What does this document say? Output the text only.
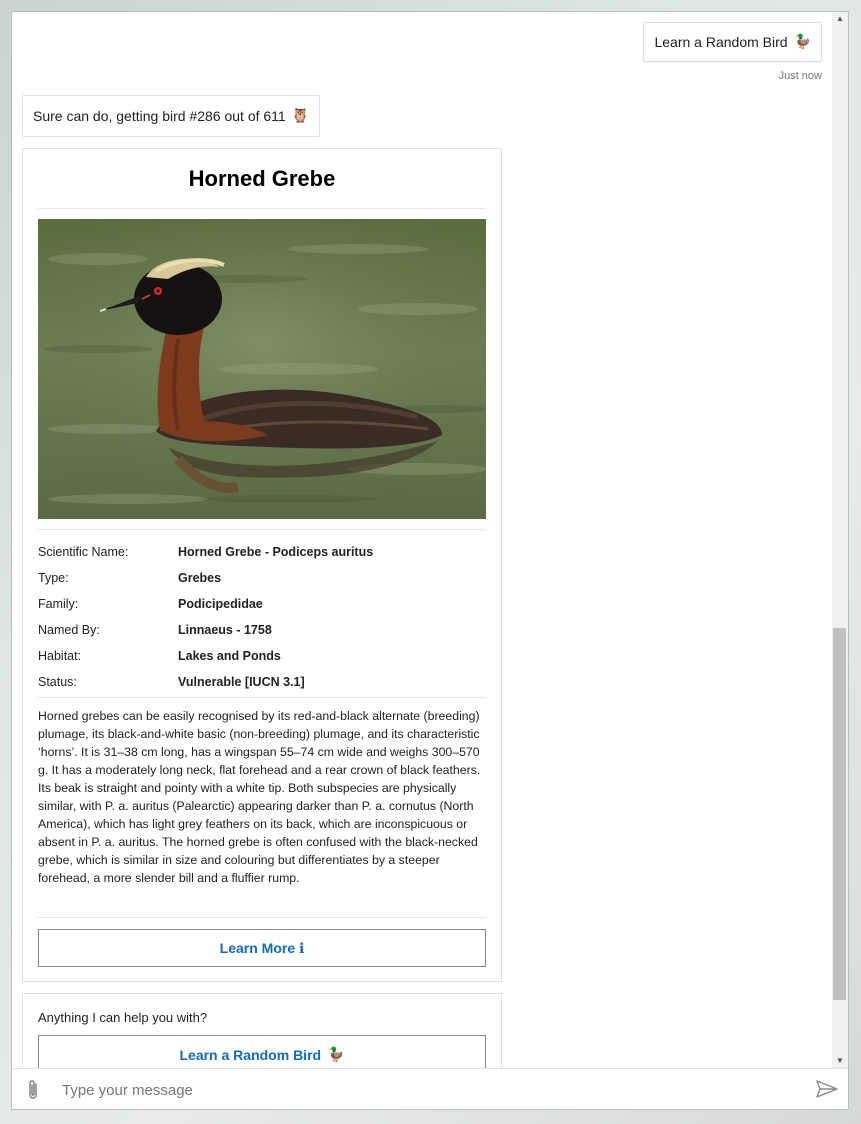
Learn a Random Bird 🦆
Just now
Sure can do, getting bird #286 out of 611 🦉
Horned Grebe
Scientific Name:	Horned Grebe - Podiceps auritus
Type:	Grebes
Family:	Podicipedidae
Named By:	Linnaeus - 1758
Habitat:	Lakes and Ponds
Status:	Vulnerable [IUCN 3.1]
Horned grebes can be easily recognised by its red-and-black alternate (breeding) plumage, its black-and-white basic (non-breeding) plumage, and its characteristic ‘horns’. It is 31–38 cm long, has a wingspan 55–74 cm wide and weighs 300–570 g. It has a moderately long neck, flat forehead and a rear crown of black feathers. Its beak is straight and pointy with a white tip. Both subspecies are physically similar, with P. a. auritus (Palearctic) appearing darker than P. a. cornutus (North America), which has light grey feathers on its back, which are inconspicuous or absent in P. a. auritus. The horned grebe is often confused with the black-necked grebe, which is similar in size and colouring but differentiates by a steeper forehead, a more slender bill and a fluffier rump.
Learn More ℹ
Anything I can help you with?
Learn a Random Bird 🦆
▲
▼
Type your message
